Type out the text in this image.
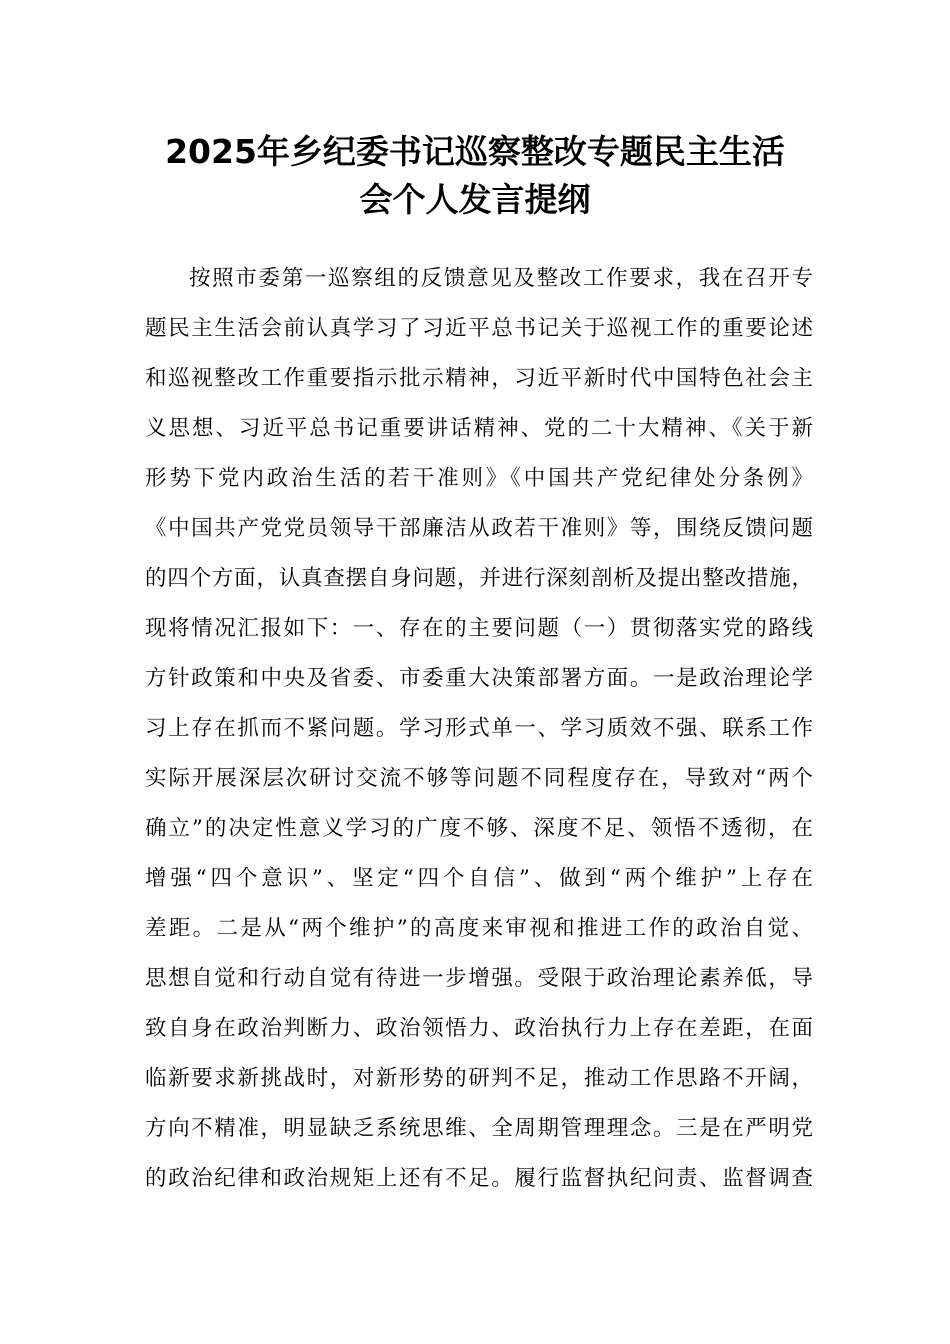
2025年乡纪委书记巡察整改专题民主生活
会个人发言提纲
按照市委第一巡察组的反馈意见及整改工作要求，我在召开专
题民主生活会前认真学习了习近平总书记关于巡视工作的重要论述
和巡视整改工作重要指示批示精神，习近平新时代中国特色社会主
义思想、习近平总书记重要讲话精神、党的二十大精神、《关于新
形势下党内政治生活的若干准则》《中国共产党纪律处分条例》
《中国共产党党员领导干部廉洁从政若干准则》等，围绕反馈问题
的四个方面，认真查摆自身问题，并进行深刻剖析及提出整改措施，
现将情况汇报如下：一、存在的主要问题（一）贯彻落实党的路线
方针政策和中央及省委、市委重大决策部署方面。一是政治理论学
习上存在抓而不紧问题。学习形式单一、学习质效不强、联系工作
实际开展深层次研讨交流不够等问题不同程度存在，导致对“两个
确立”的决定性意义学习的广度不够、深度不足、领悟不透彻，在
增强“四个意识”、坚定“四个自信”、做到“两个维护”上存在
差距。二是从“两个维护”的高度来审视和推进工作的政治自觉、
思想自觉和行动自觉有待进一步增强。受限于政治理论素养低，导
致自身在政治判断力、政治领悟力、政治执行力上存在差距，在面
临新要求新挑战时，对新形势的研判不足，推动工作思路不开阔，
方向不精准，明显缺乏系统思维、全周期管理理念。三是在严明党
的政治纪律和政治规矩上还有不足。履行监督执纪问责、监督调查
